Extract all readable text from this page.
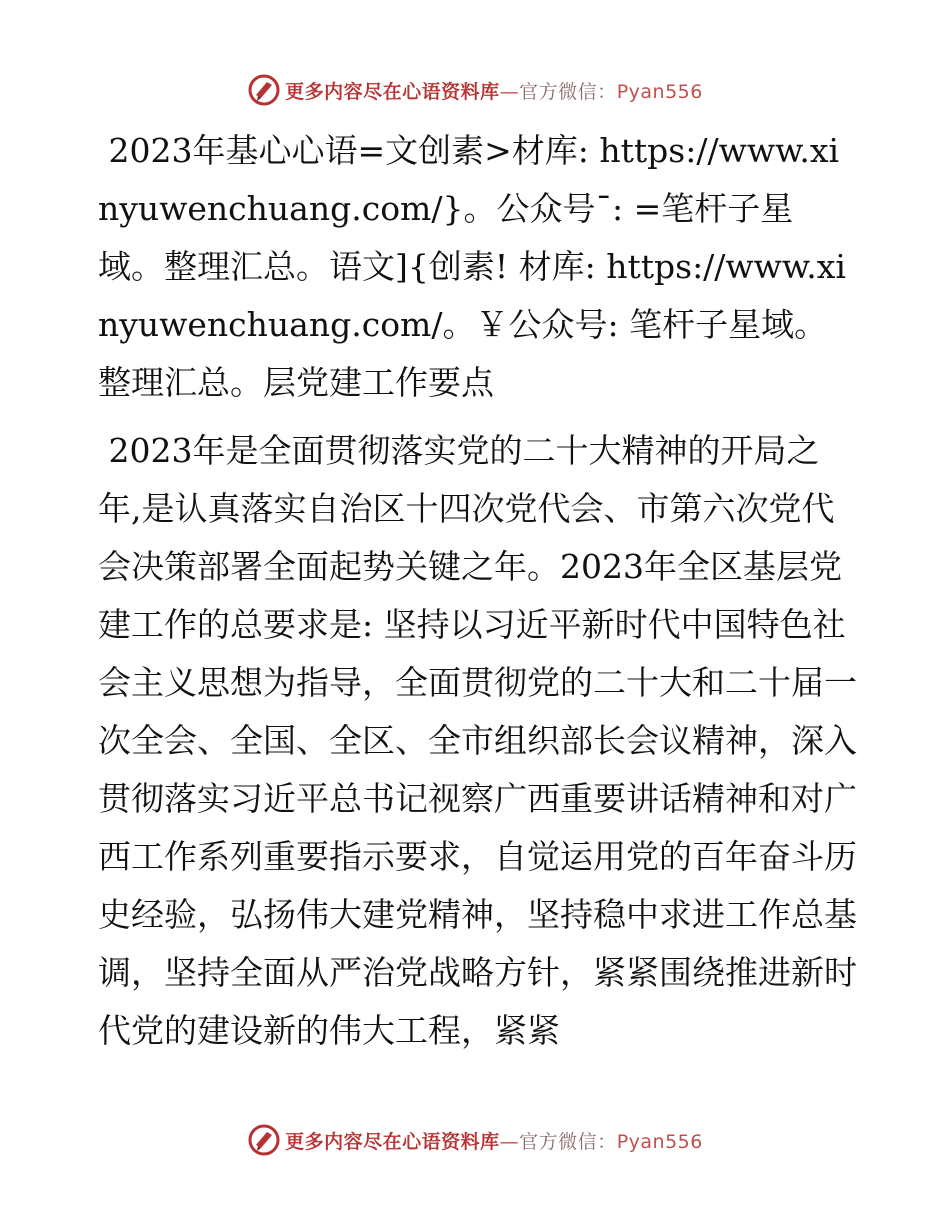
更多内容尽在心语资料库—官方微信：Pyan556

2023年基心心语=文创素>材库: https://www.xinyuwenchuang.com/}。公众号¯: =笔杆子星域。整理汇总。语文]{创素! 材库: https://www.xinyuwenchuang.com/。￥公众号: 笔杆子星域。整理汇总。层党建工作要点

2023年是全面贯彻落实党的二十大精神的开局之年,是认真落实自治区十四次党代会、市第六次党代会决策部署全面起势关键之年。2023年全区基层党建工作的总要求是: 坚持以习近平新时代中国特色社会主义思想为指导，全面贯彻党的二十大和二十届一次全会、全国、全区、全市组织部长会议精神，深入贯彻落实习近平总书记视察广西重要讲话精神和对广西工作系列重要指示要求，自觉运用党的百年奋斗历史经验，弘扬伟大建党精神，坚持稳中求进工作总基调，坚持全面从严治党战略方针，紧紧围绕推进新时代党的建设新的伟大工程，紧紧

更多内容尽在心语资料库—官方微信：Pyan556
